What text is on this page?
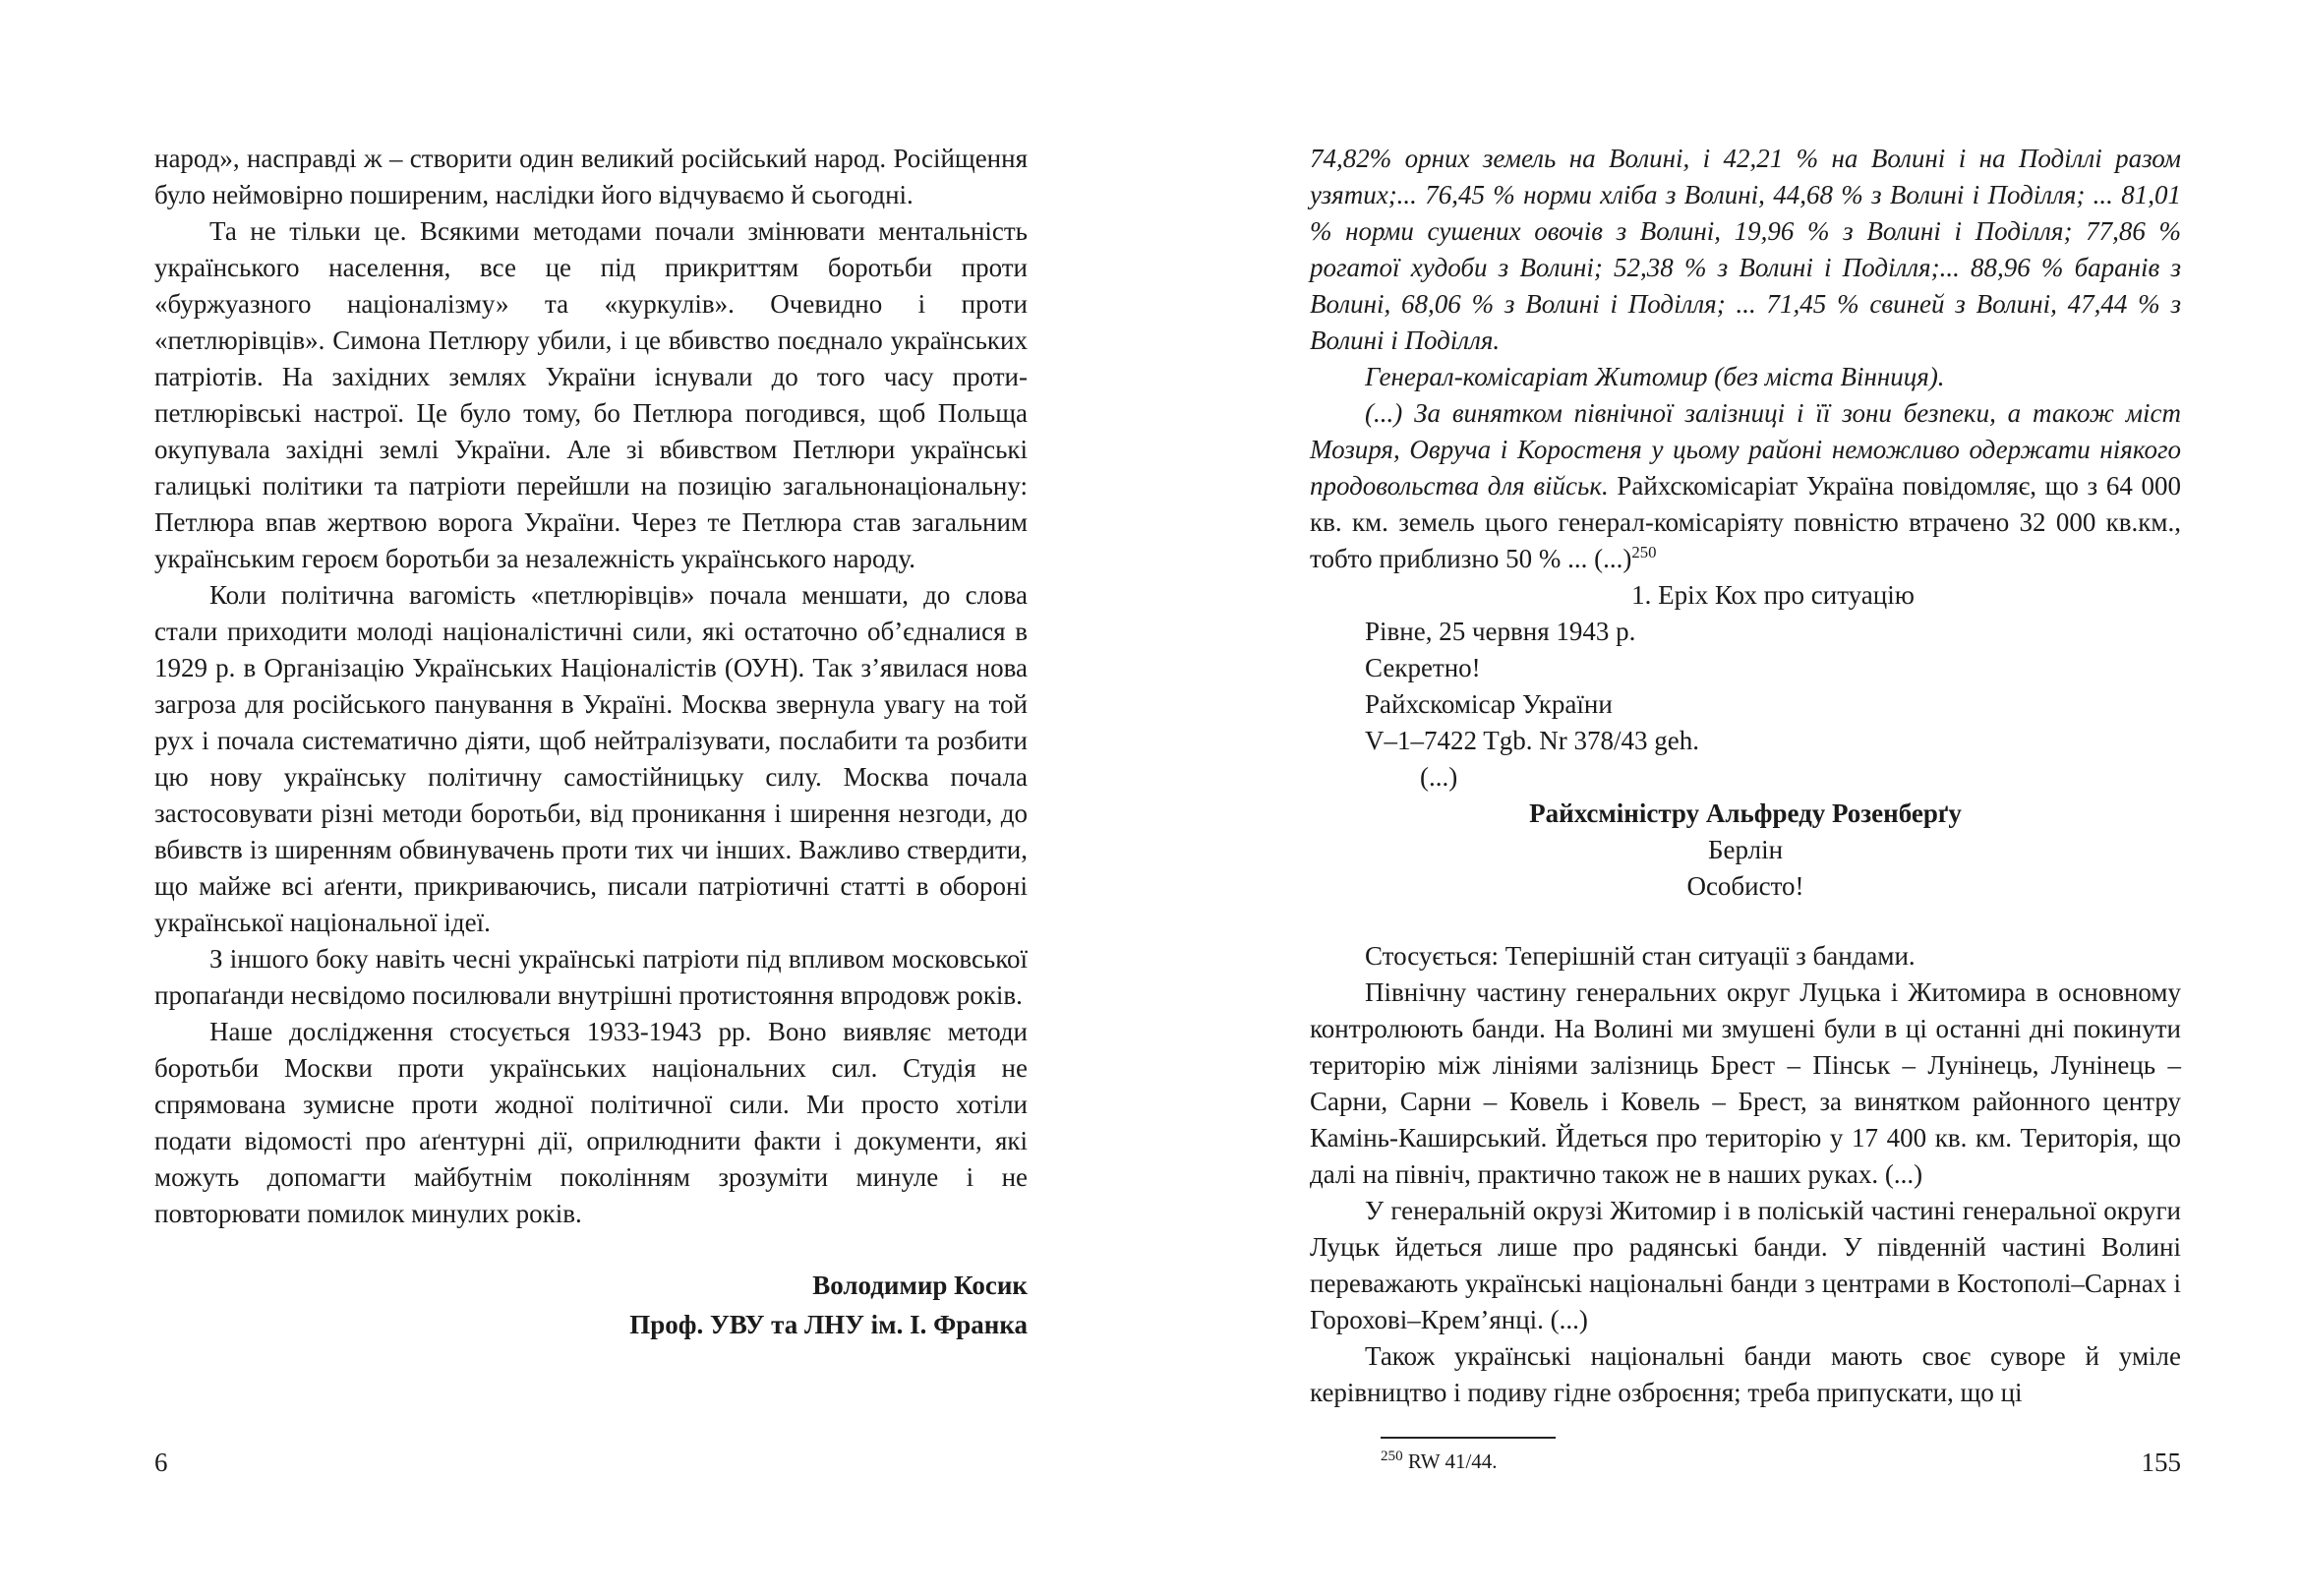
народ», насправді ж – створити один великий російський народ. Російщення було неймовірно поширеним, наслідки його відчуваємо й сьогодні.

Та не тільки це. Всякими методами почали змінювати ментальність українського населення, все це під прикриттям боротьби проти «буржуазного націоналізму» та «куркулів». Очевидно і проти «петлюрівців». Симона Петлюру убили, і це вбивство поєднало українських патріотів. На західних землях України існували до того часу проти-петлюрівські настрої. Це було тому, бо Петлюра погодився, щоб Польща окупувала західні землі України. Але зі вбивством Петлюри українські галицькі політики та патріоти перейшли на позицію загальнонаціональну: Петлюра впав жертвою ворога України. Через те Петлюра став загальним українським героєм боротьби за незалежність українського народу.

Коли політична вагомість «петлюрівців» почала меншати, до слова стали приходити молоді націоналістичні сили, які остаточно об’єдналися в 1929 р. в Організацію Українських Націоналістів (ОУН). Так з’явилася нова загроза для російського панування в Україні. Москва звернула увагу на той рух і почала систематично діяти, щоб нейтралізувати, послабити та розбити цю нову українську політичну самостійницьку силу. Москва почала застосовувати різні методи боротьби, від проникання і ширення незгоди, до вбивств із ширенням обвинувачень проти тих чи інших. Важливо ствердити, що майже всі аґенти, прикриваючись, писали патріотичні статті в обороні української національної ідеї.

З іншого боку навіть чесні українські патріоти під впливом московської пропаґанди несвідомо посилювали внутрішні протистояння впродовж років.

Наше дослідження стосується 1933-1943 рр. Воно виявляє методи боротьби Москви проти українських національних сил. Студія не спрямована зумисне проти жодної політичної сили. Ми просто хотіли подати відомості про аґентурні дії, оприлюднити факти і документи, які можуть допомагти майбутнім поколінням зрозуміти минуле і не повторювати помилок минулих років.

Володимир Косик
Проф. УВУ та ЛНУ ім. І. Франка

74,82% орних земель на Волині, і 42,21 % на Волині і на Поділлі разом узятих;... 76,45 % норми хліба з Волині, 44,68 % з Волині і Поділля; ... 81,01 % норми сушених овочів з Волині, 19,96 % з Волині і Поділля; 77,86 % рогатої худоби з Волині; 52,38 % з Волині і Поділля;... 88,96 % баранів з Волині, 68,06 % з Волині і Поділля; ... 71,45 % свиней з Волині, 47,44 % з Волині і Поділля.

Генерал-комісаріат Житомир (без міста Вінниця).

(...) За винятком північної залізниці і її зони безпеки, а також міст Мозиря, Овруча і Коростеня у цьому районі неможливо одержати ніякого продовольства для військ. Райхскомісаріат Україна повідомляє, що з 64 000 кв. км. земель цього генерал-комісаріяту повністю втрачено 32 000 кв.км., тобто приблизно 50 % ... (...)$^{250}$

1. Еріх Кох про ситуацію

Рівне, 25 червня 1943 р.

Секретно!

Райхскомісар України

V–1–7422 Tgb. Nr 378/43 geh.

(...)

Райхсміністру Альфреду Розенберґу
Берлін
Особисто!

Стосується: Теперішній стан ситуації з бандами.

Північну частину генеральних округ Луцька і Житомира в основному контролюють банди. На Волині ми змушені були в ці останні дні покинути територію між лініями залізниць Брест – Пінськ – Лунінець, Лунінець – Сарни, Сарни – Ковель і Ковель – Брест, за винятком районного центру Камінь-Каширський. Йдеться про територію у 17 400 кв. км. Територія, що далі на північ, практично також не в наших руках. (...)

У генеральній окрузі Житомир і в поліській частині генеральної округи Луцьк йдеться лише про радянські банди. У південній частині Волині переважають українські національні банди з центрами в Костополі–Сарнах і Горохові–Крем’янці. (...)

Також українські національні банди мають своє суворе й уміле керівництво і подиву гідне озброєння; треба припускати, що ці

$^{250}$ RW 41/44.

6	155
